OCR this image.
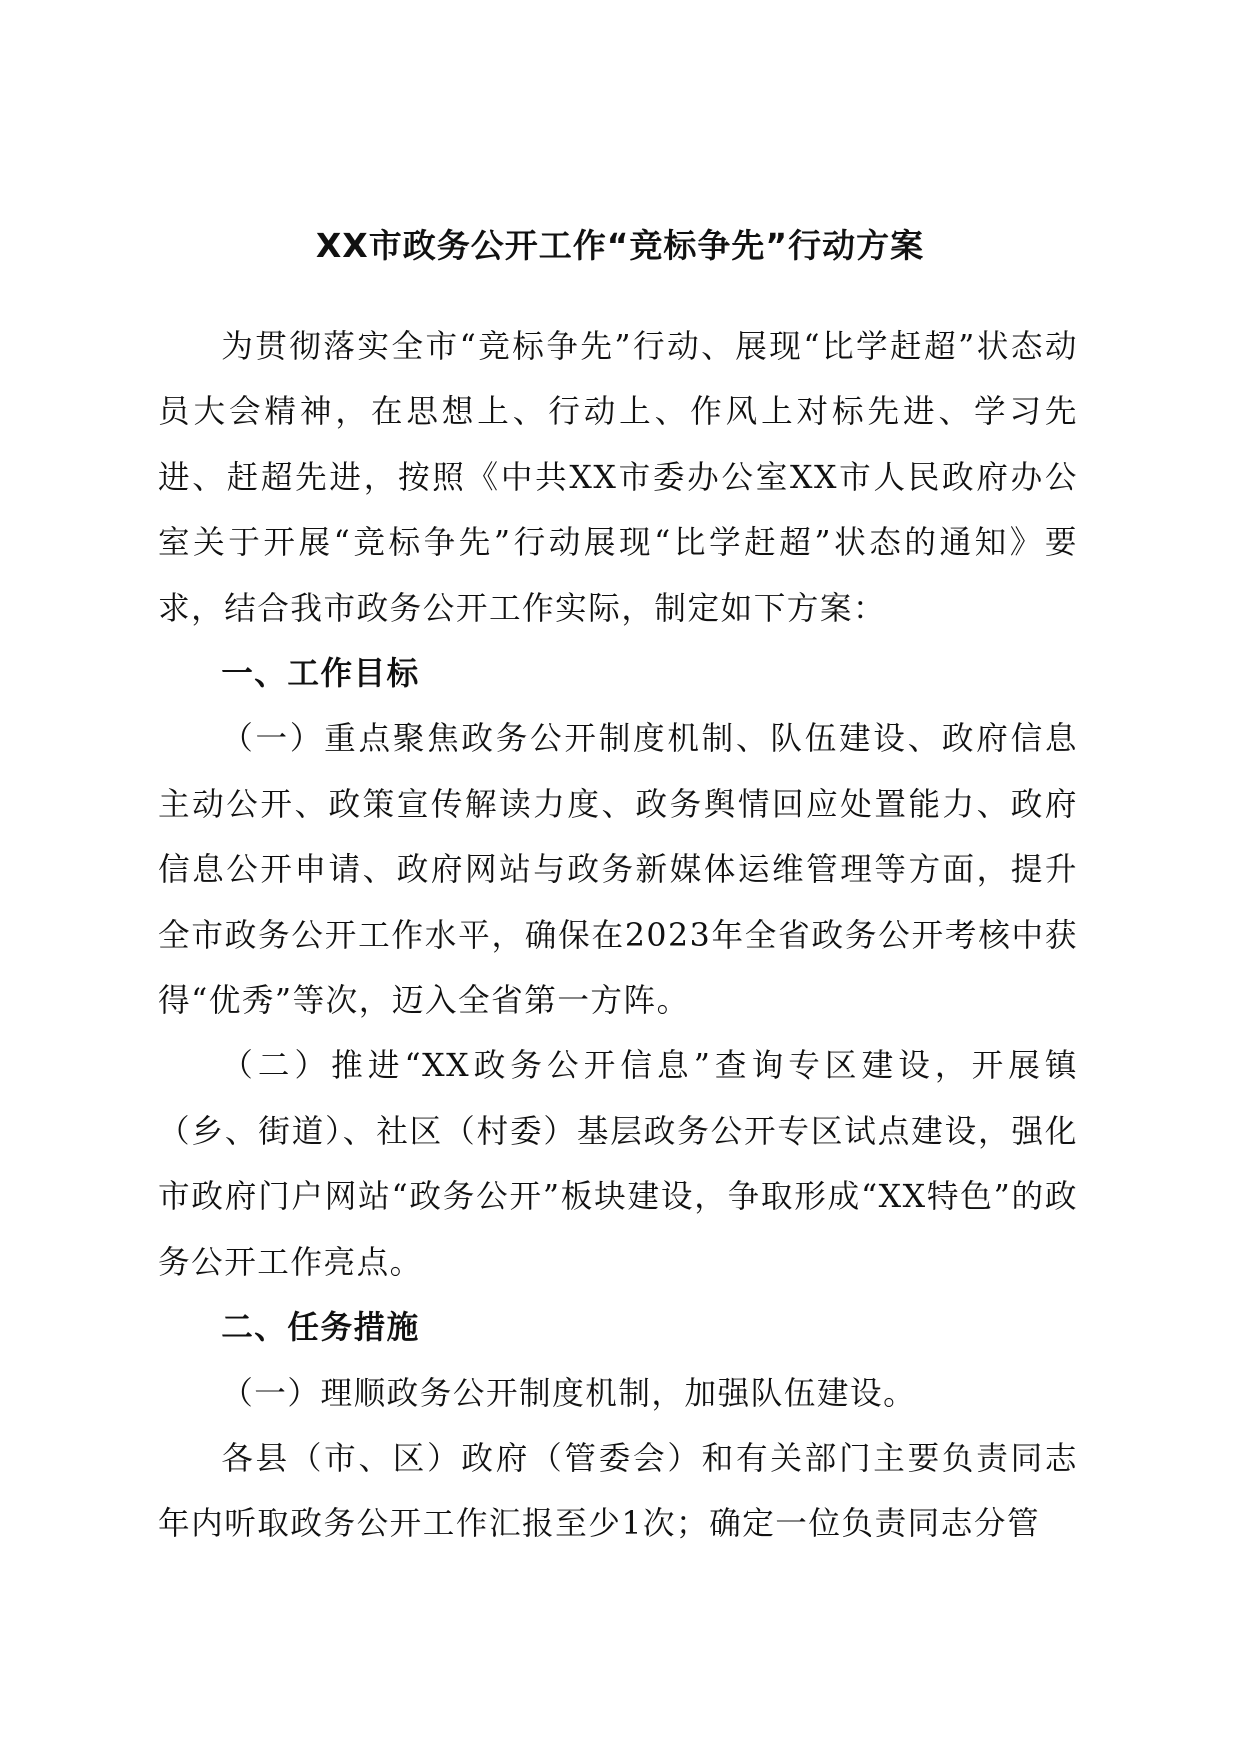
XX市政务公开工作“竞标争先”行动方案

为贯彻落实全市“竞标争先”行动、展现“比学赶超”状态动员大会精神，在思想上、行动上、作风上对标先进、学习先进、赶超先进，按照《中共XX市委办公室XX市人民政府办公室关于开展“竞标争先”行动展现“比学赶超”状态的通知》要求，结合我市政务公开工作实际，制定如下方案：

一、工作目标

（一）重点聚焦政务公开制度机制、队伍建设、政府信息主动公开、政策宣传解读力度、政务舆情回应处置能力、政府信息公开申请、政府网站与政务新媒体运维管理等方面，提升全市政务公开工作水平，确保在2023年全省政务公开考核中获得“优秀”等次，迈入全省第一方阵。

（二）推进“XX政务公开信息”查询专区建设，开展镇（乡、街道）、社区（村委）基层政务公开专区试点建设，强化市政府门户网站“政务公开”板块建设，争取形成“XX特色”的政务公开工作亮点。

二、任务措施

（一）理顺政务公开制度机制，加强队伍建设。

各县（市、区）政府（管委会）和有关部门主要负责同志年内听取政务公开工作汇报至少1次；确定一位负责同志分管
